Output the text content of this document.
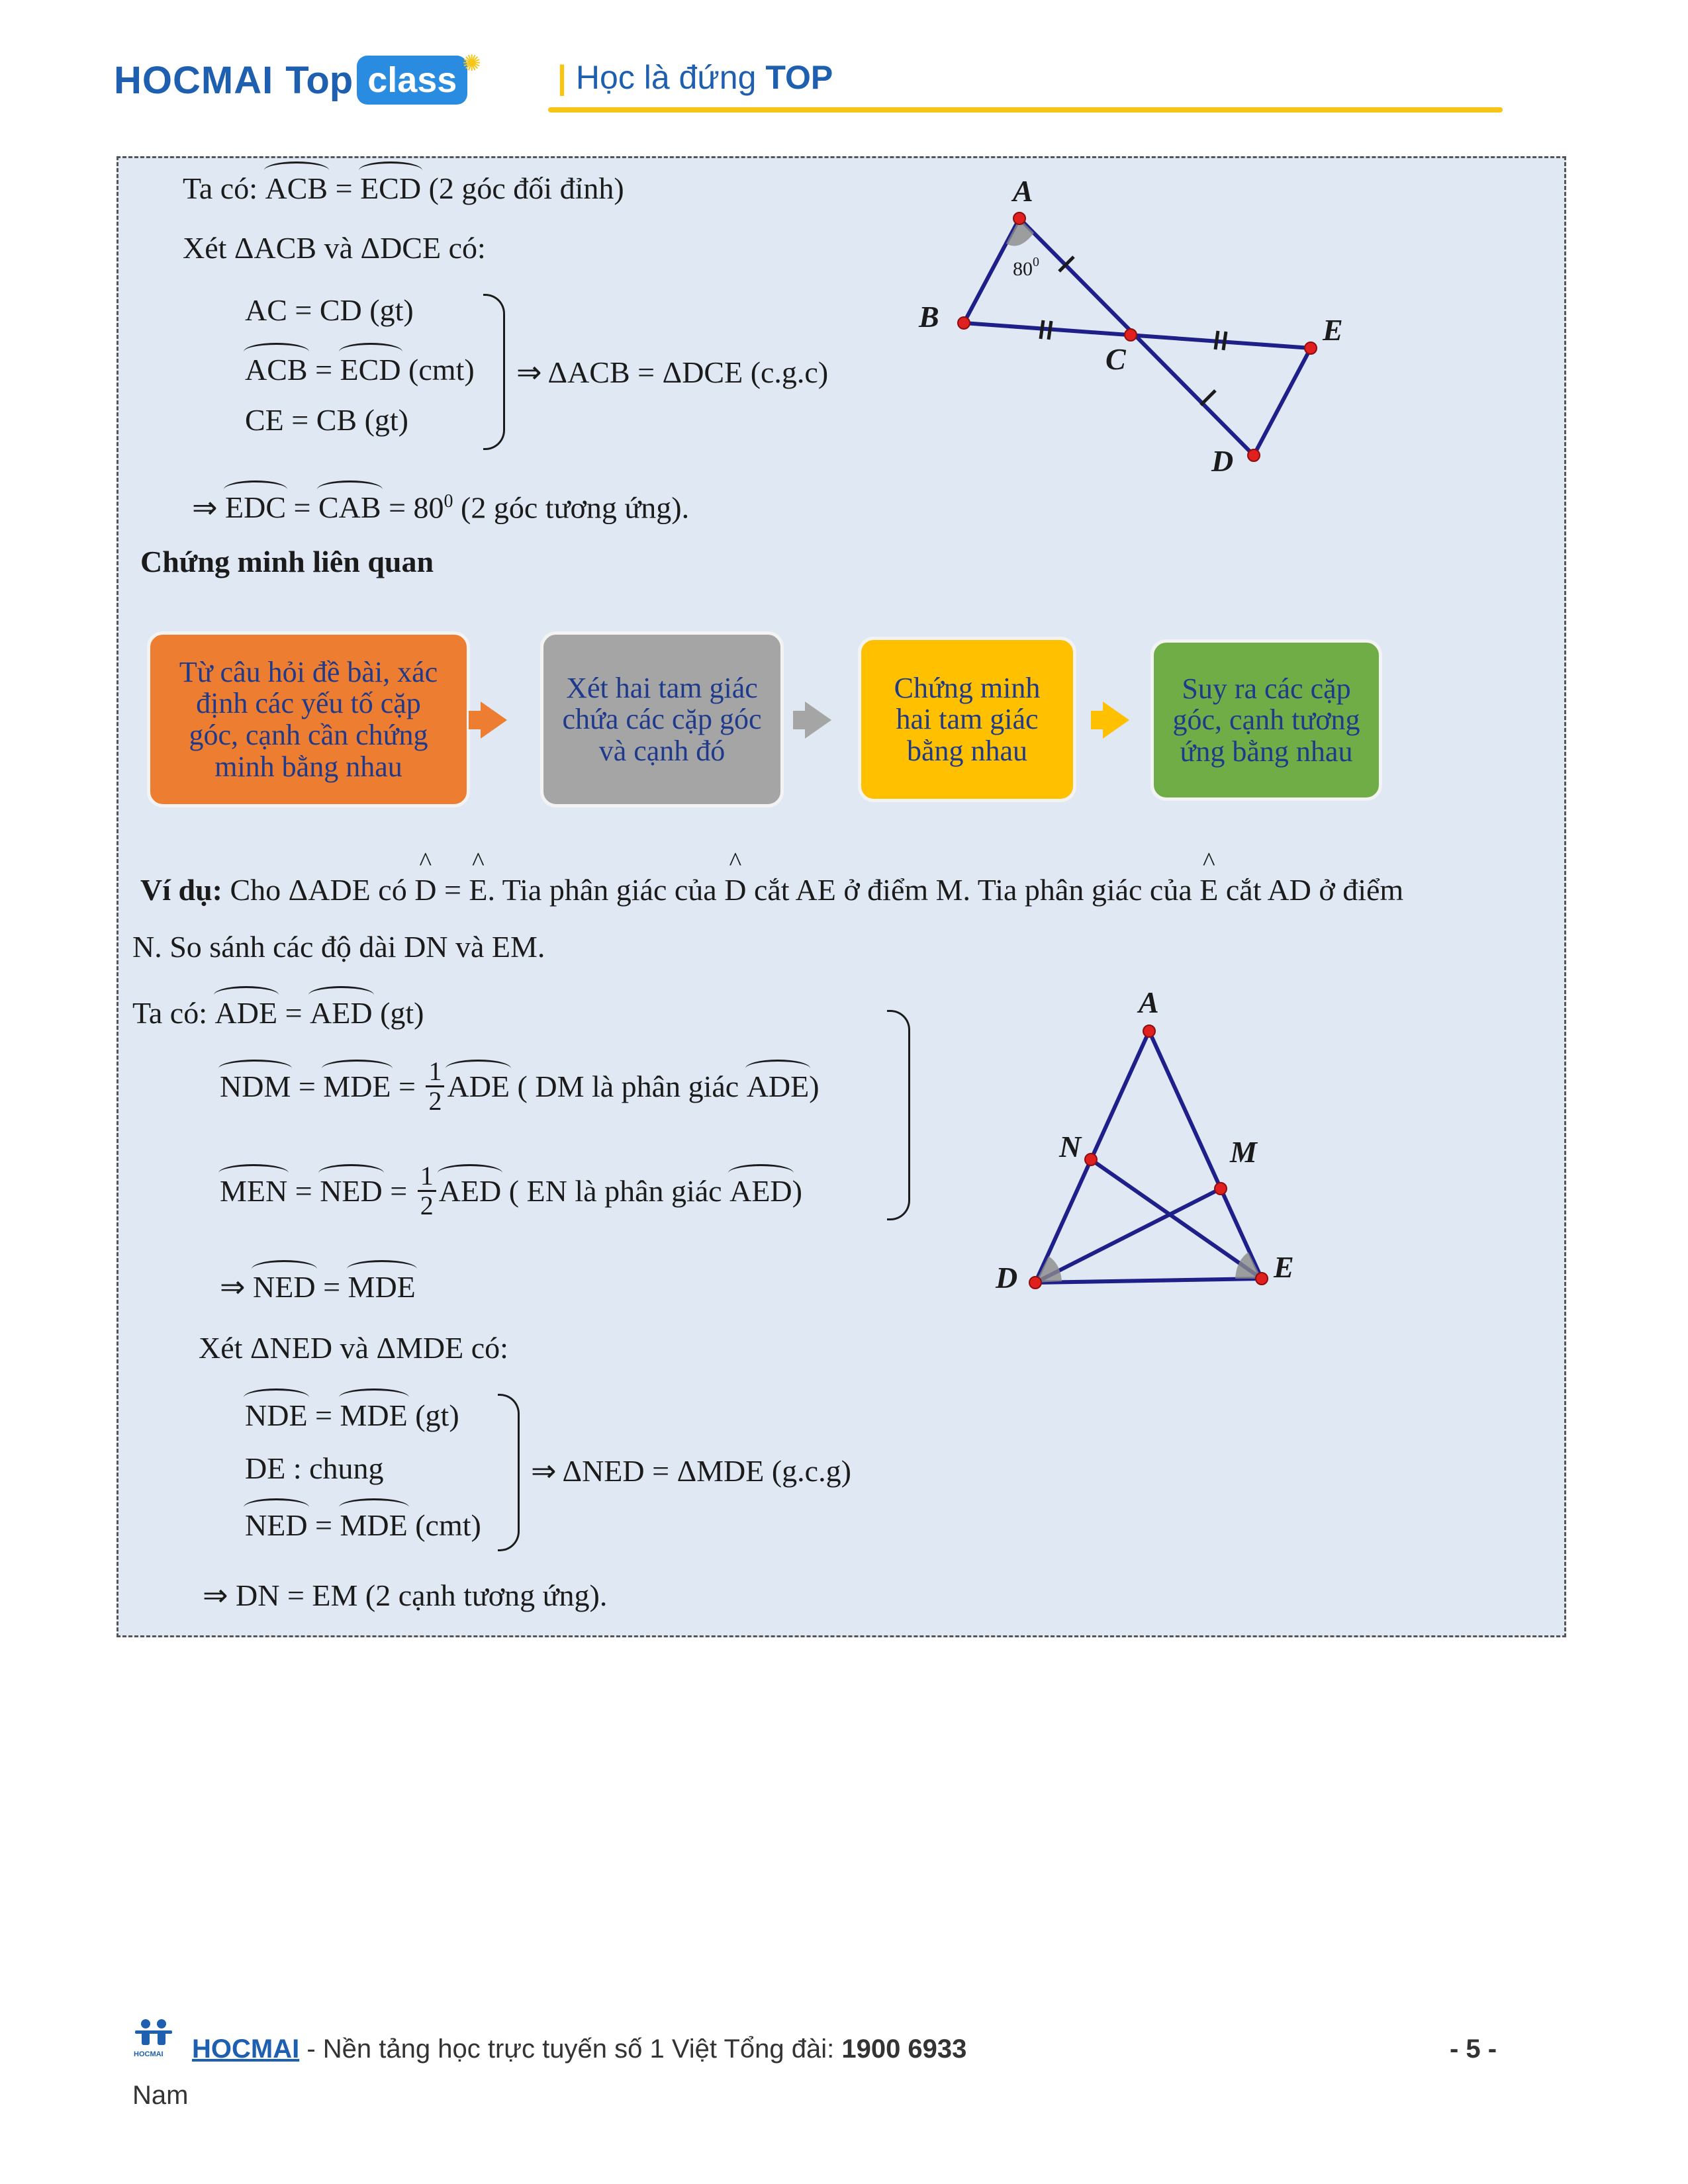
HOCMAI Top class ✺ | Học là đứng TOP
Ta có: ACB = ECD (2 góc đối đỉnh)
Xét ΔACB và ΔDCE có:
AC = CD (gt)
ACB = ECD (cmt)
CE = CB (gt)
⇒ ΔACB = ΔDCE (c.g.c)
⇒ EDC = CAB = $80^0$ (2 góc tương ứng).
A
B
C
E
D
$80^0$
Chứng minh liên quan
Từ câu hỏi đề bài, xác
định các yếu tố cặp
góc, cạnh cần chứng
minh bằng nhau
Xét hai tam giác
chứa các cặp góc
và cạnh đó
Chứng minh
hai tam giác
bằng nhau
Suy ra các cặp
góc, cạnh tương
ứng bằng nhau
Ví dụ: Cho ΔADE có ^ D = ^ E. Tia phân giác của ^ D cắt AE ở điểm M. Tia phân giác của ^ E cắt AD ở điểm
N. So sánh các độ dài DN và EM.
Ta có: ADE = AED (gt)
NDM = MDE = $\frac{1}{2}$ ADE ( DM là phân giác ADE )
MEN = NED = $\frac{1}{2}$ AED ( EN là phân giác AED )
⇒ NED = MDE
Xét ΔNED và ΔMDE có:
NDE = MDE (gt)
DE : chung
NED = MDE (cmt)
⇒ ΔNED = ΔMDE (g.c.g)
⇒ DN = EM (2 cạnh tương ứng).
A
N	M
D	E
HOCMAI HOCMAI - Nền tảng học trực tuyến số 1 Việt Tổng đài: 1900 6933
Nam
- 5 -
